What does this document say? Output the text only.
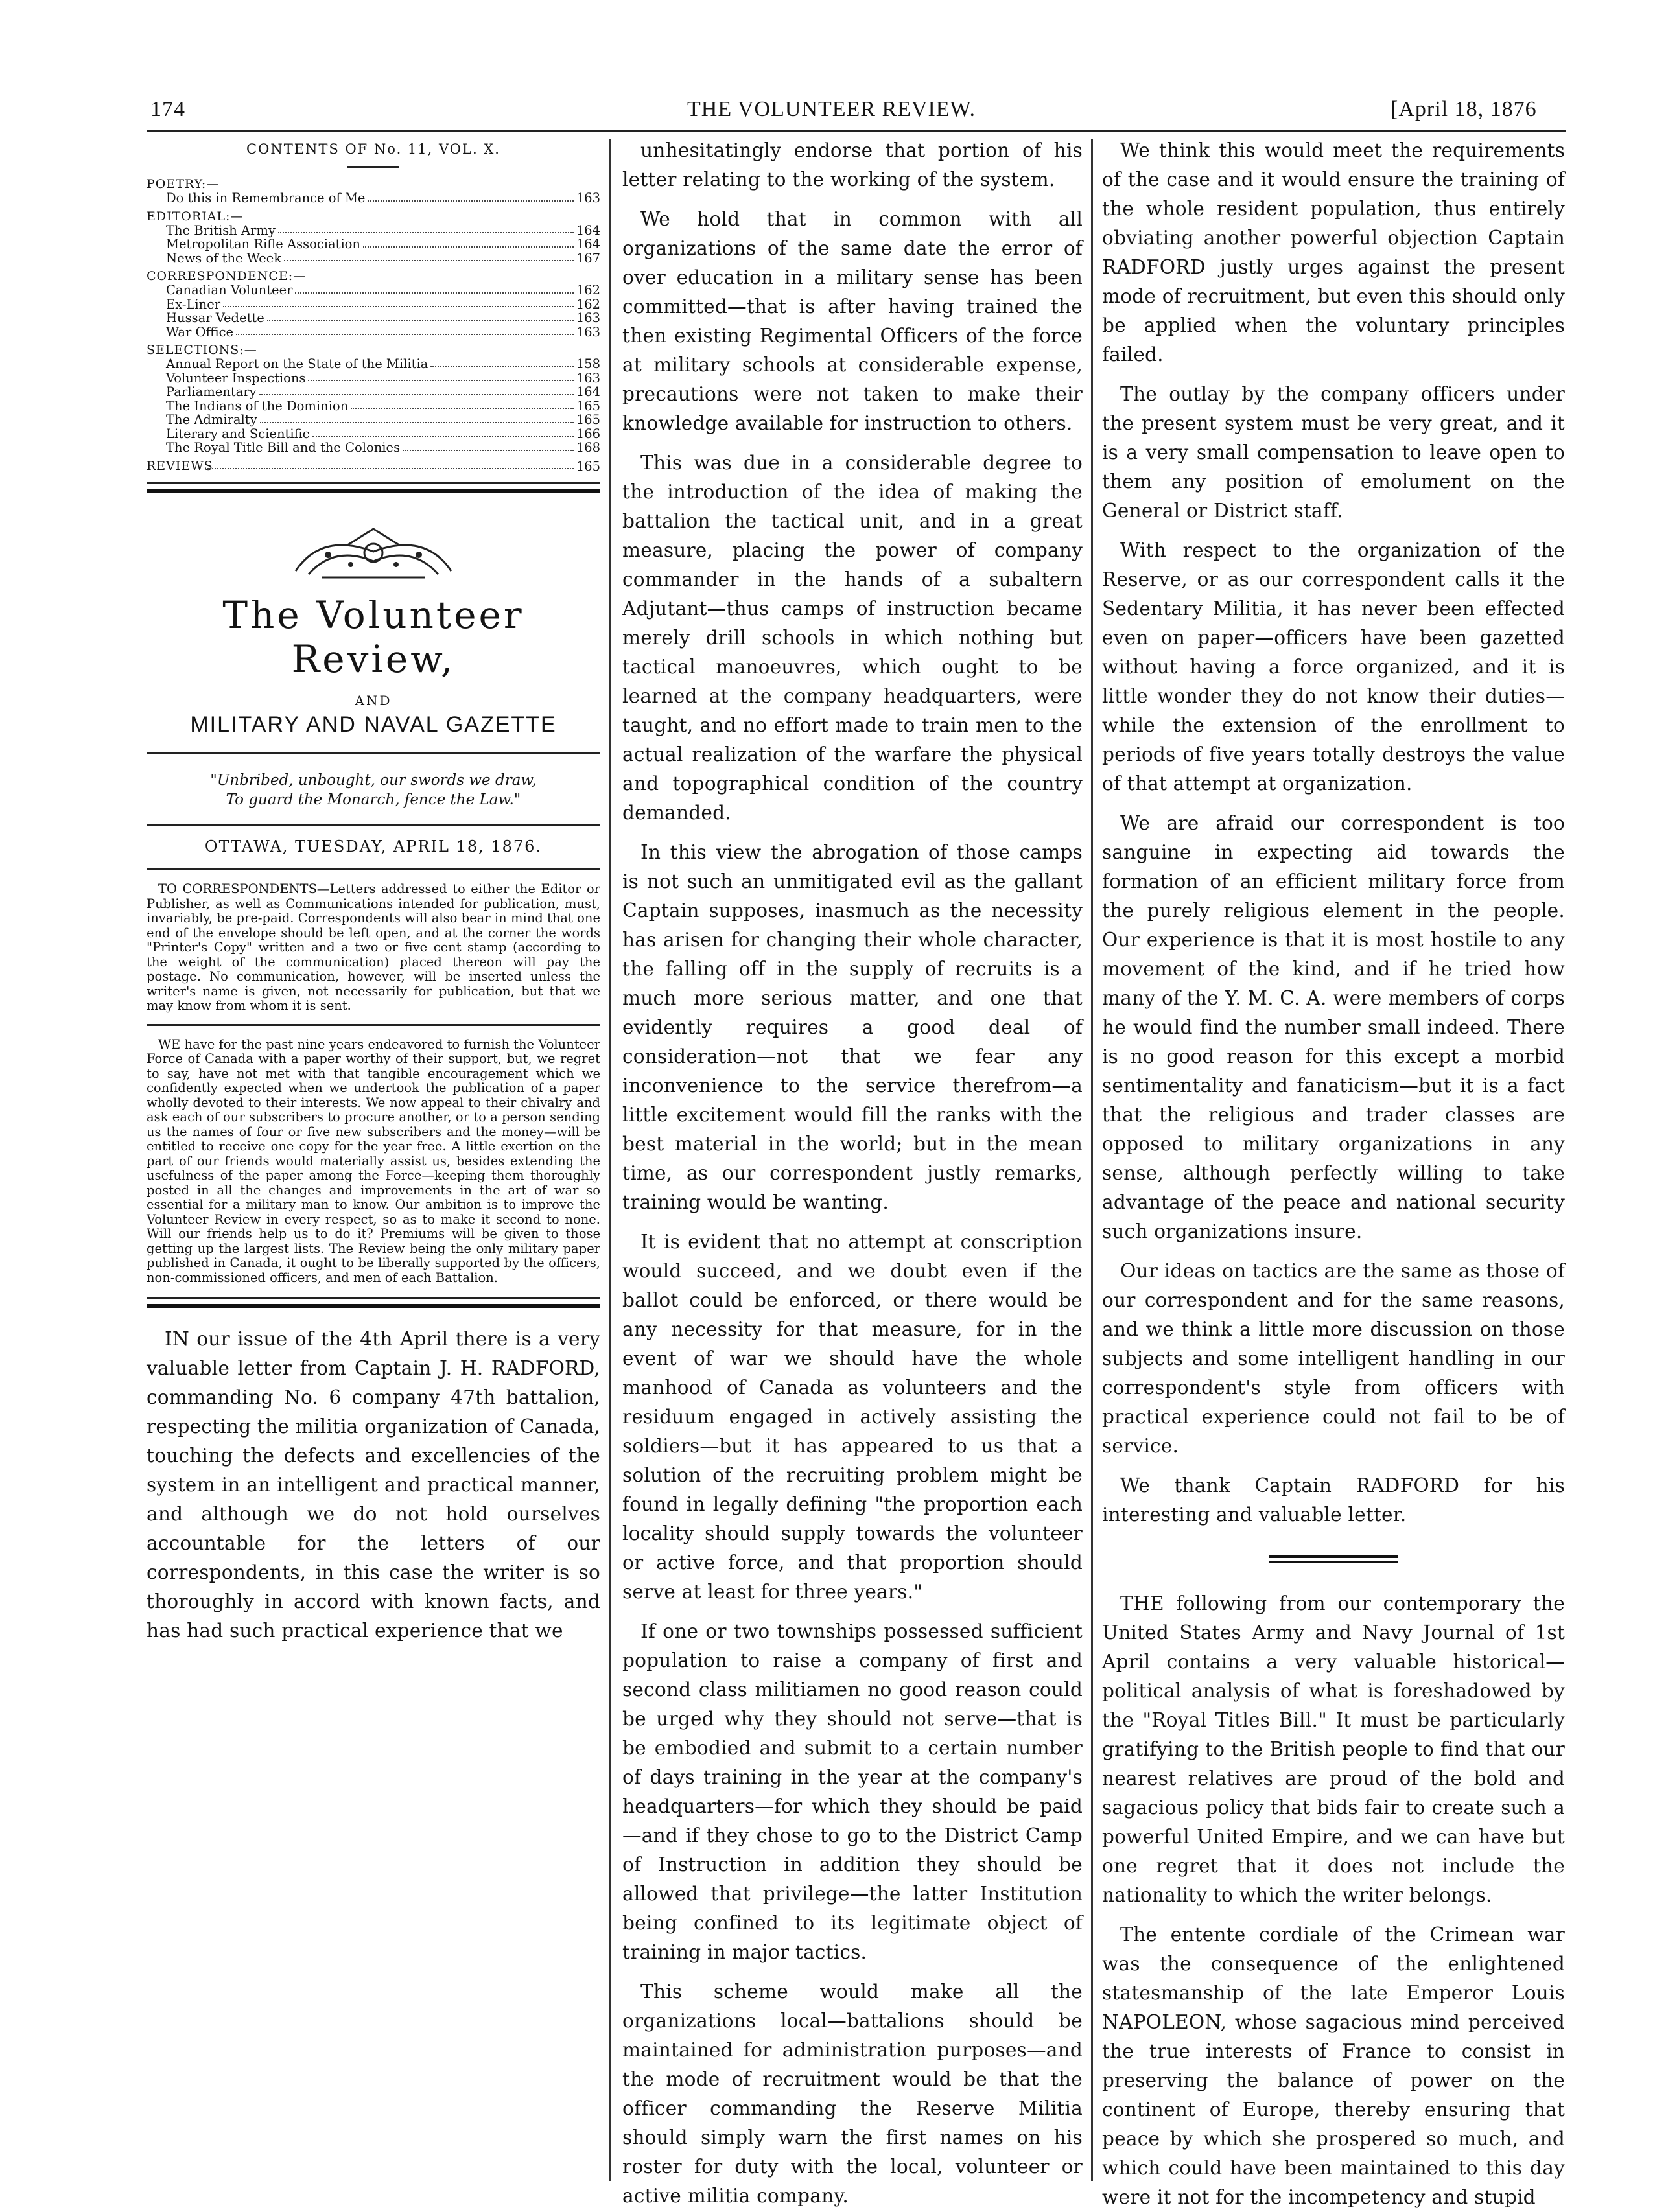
174	THE VOLUNTEER REVIEW.	[April 18, 1876
CONTENTS OF No. 11, VOL. X.
POETRY:—
Do this in Remembrance of Me	163
EDITORIAL:—
The British Army	164
Metropolitan Rifle Association	164
News of the Week	167
CORRESPONDENCE:—
Canadian Volunteer	162
Ex-Liner	162
Hussar Vedette	163
War Office	163
SELECTIONS:—
Annual Report on the State of the Militia	158
Volunteer Inspections	163
Parliamentary	164
The Indians of the Dominion	165
The Admiralty	165
Literary and Scientific	166
The Royal Title Bill and the Colonies	168
REVIEWS	165
The Volunteer Review,
AND
MILITARY AND NAVAL GAZETTE
"Unbribed, unbought, our swords we draw,
To guard the Monarch, fence the Law."
OTTAWA, TUESDAY, APRIL 18, 1876.

TO CORRESPONDENTS—Letters addressed to either the Editor or Publisher, as well as Communications intended for publication, must, invariably, be pre-paid. Correspondents will also bear in mind that one end of the envelope should be left open, and at the corner the words "Printer's Copy" written and a two or five cent stamp (according to the weight of the communication) placed thereon will pay the postage. No communication, however, will be inserted unless the writer's name is given, not necessarily for publication, but that we may know from whom it is sent.

WE have for the past nine years endeavored to furnish the Volunteer Force of Canada with a paper worthy of their support, but, we regret to say, have not met with that tangible encouragement which we confidently expected when we undertook the publication of a paper wholly devoted to their interests. We now appeal to their chivalry and ask each of our subscribers to procure another, or to a person sending us the names of four or five new subscribers and the money—will be entitled to receive one copy for the year free. A little exertion on the part of our friends would materially assist us, besides extending the usefulness of the paper among the Force—keeping them thoroughly posted in all the changes and improvements in the art of war so essential for a military man to know. Our ambition is to improve the Volunteer Review in every respect, so as to make it second to none. Will our friends help us to do it? Premiums will be given to those getting up the largest lists. The Review being the only military paper published in Canada, it ought to be liberally supported by the officers, non-commissioned officers, and men of each Battalion.

IN our issue of the 4th April there is a very valuable letter from Captain J. H. RADFORD, commanding No. 6 company 47th battalion, respecting the militia organization of Canada, touching the defects and excellencies of the system in an intelligent and practical manner, and although we do not hold ourselves accountable for the letters of our correspondents, in this case the writer is so thoroughly in accord with known facts, and has had such practical experience that we

unhesitatingly endorse that portion of his letter relating to the working of the system.

We hold that in common with all organizations of the same date the error of over education in a military sense has been committed—that is after having trained the then existing Regimental Officers of the force at military schools at considerable expense, precautions were not taken to make their knowledge available for instruction to others.

This was due in a considerable degree to the introduction of the idea of making the battalion the tactical unit, and in a great measure, placing the power of company commander in the hands of a subaltern Adjutant—thus camps of instruction became merely drill schools in which nothing but tactical manoeuvres, which ought to be learned at the company headquarters, were taught, and no effort made to train men to the actual realization of the warfare the physical and topographical condition of the country demanded.

In this view the abrogation of those camps is not such an unmitigated evil as the gallant Captain supposes, inasmuch as the necessity has arisen for changing their whole character, the falling off in the supply of recruits is a much more serious matter, and one that evidently requires a good deal of consideration—not that we fear any inconvenience to the service therefrom—a little excitement would fill the ranks with the best material in the world; but in the mean time, as our correspondent justly remarks, training would be wanting.

It is evident that no attempt at conscription would succeed, and we doubt even if the ballot could be enforced, or there would be any necessity for that measure, for in the event of war we should have the whole manhood of Canada as volunteers and the residuum engaged in actively assisting the soldiers—but it has appeared to us that a solution of the recruiting problem might be found in legally defining "the proportion each locality should supply towards the volunteer or active force, and that proportion should serve at least for three years."

If one or two townships possessed sufficient population to raise a company of first and second class militiamen no good reason could be urged why they should not serve—that is be embodied and submit to a certain number of days training in the year at the company's headquarters—for which they should be paid—and if they chose to go to the District Camp of Instruction in addition they should be allowed that privilege—the latter Institution being confined to its legitimate object of training in major tactics.

This scheme would make all the organizations local—battalions should be maintained for administration purposes—and the mode of recruitment would be that the officer commanding the Reserve Militia should simply warn the first names on his roster for duty with the local, volunteer or active militia company.

We think this would meet the requirements of the case and it would ensure the training of the whole resident population, thus entirely obviating another powerful objection Captain RADFORD justly urges against the present mode of recruitment, but even this should only be applied when the voluntary principles failed.

The outlay by the company officers under the present system must be very great, and it is a very small compensation to leave open to them any position of emolument on the General or District staff.

With respect to the organization of the Reserve, or as our correspondent calls it the Sedentary Militia, it has never been effected even on paper—officers have been gazetted without having a force organized, and it is little wonder they do not know their duties—while the extension of the enrollment to periods of five years totally destroys the value of that attempt at organization.

We are afraid our correspondent is too sanguine in expecting aid towards the formation of an efficient military force from the purely religious element in the people. Our experience is that it is most hostile to any movement of the kind, and if he tried how many of the Y. M. C. A. were members of corps he would find the number small indeed. There is no good reason for this except a morbid sentimentality and fanaticism—but it is a fact that the religious and trader classes are opposed to military organizations in any sense, although perfectly willing to take advantage of the peace and national security such organizations insure.

Our ideas on tactics are the same as those of our correspondent and for the same reasons, and we think a little more discussion on those subjects and some intelligent handling in our correspondent's style from officers with practical experience could not fail to be of service.

We thank Captain RADFORD for his interesting and valuable letter.

THE following from our contemporary the United States Army and Navy Journal of 1st April contains a very valuable historical—political analysis of what is foreshadowed by the "Royal Titles Bill." It must be particularly gratifying to the British people to find that our nearest relatives are proud of the bold and sagacious policy that bids fair to create such a powerful United Empire, and we can have but one regret that it does not include the nationality to which the writer belongs.

The entente cordiale of the Crimean war was the consequence of the enlightened statesmanship of the late Emperor Louis NAPOLEON, whose sagacious mind perceived the true interests of France to consist in preserving the balance of power on the continent of Europe, thereby ensuring that peace by which she prospered so much, and which could have been maintained to this day were it not for the incompetency and stupid
